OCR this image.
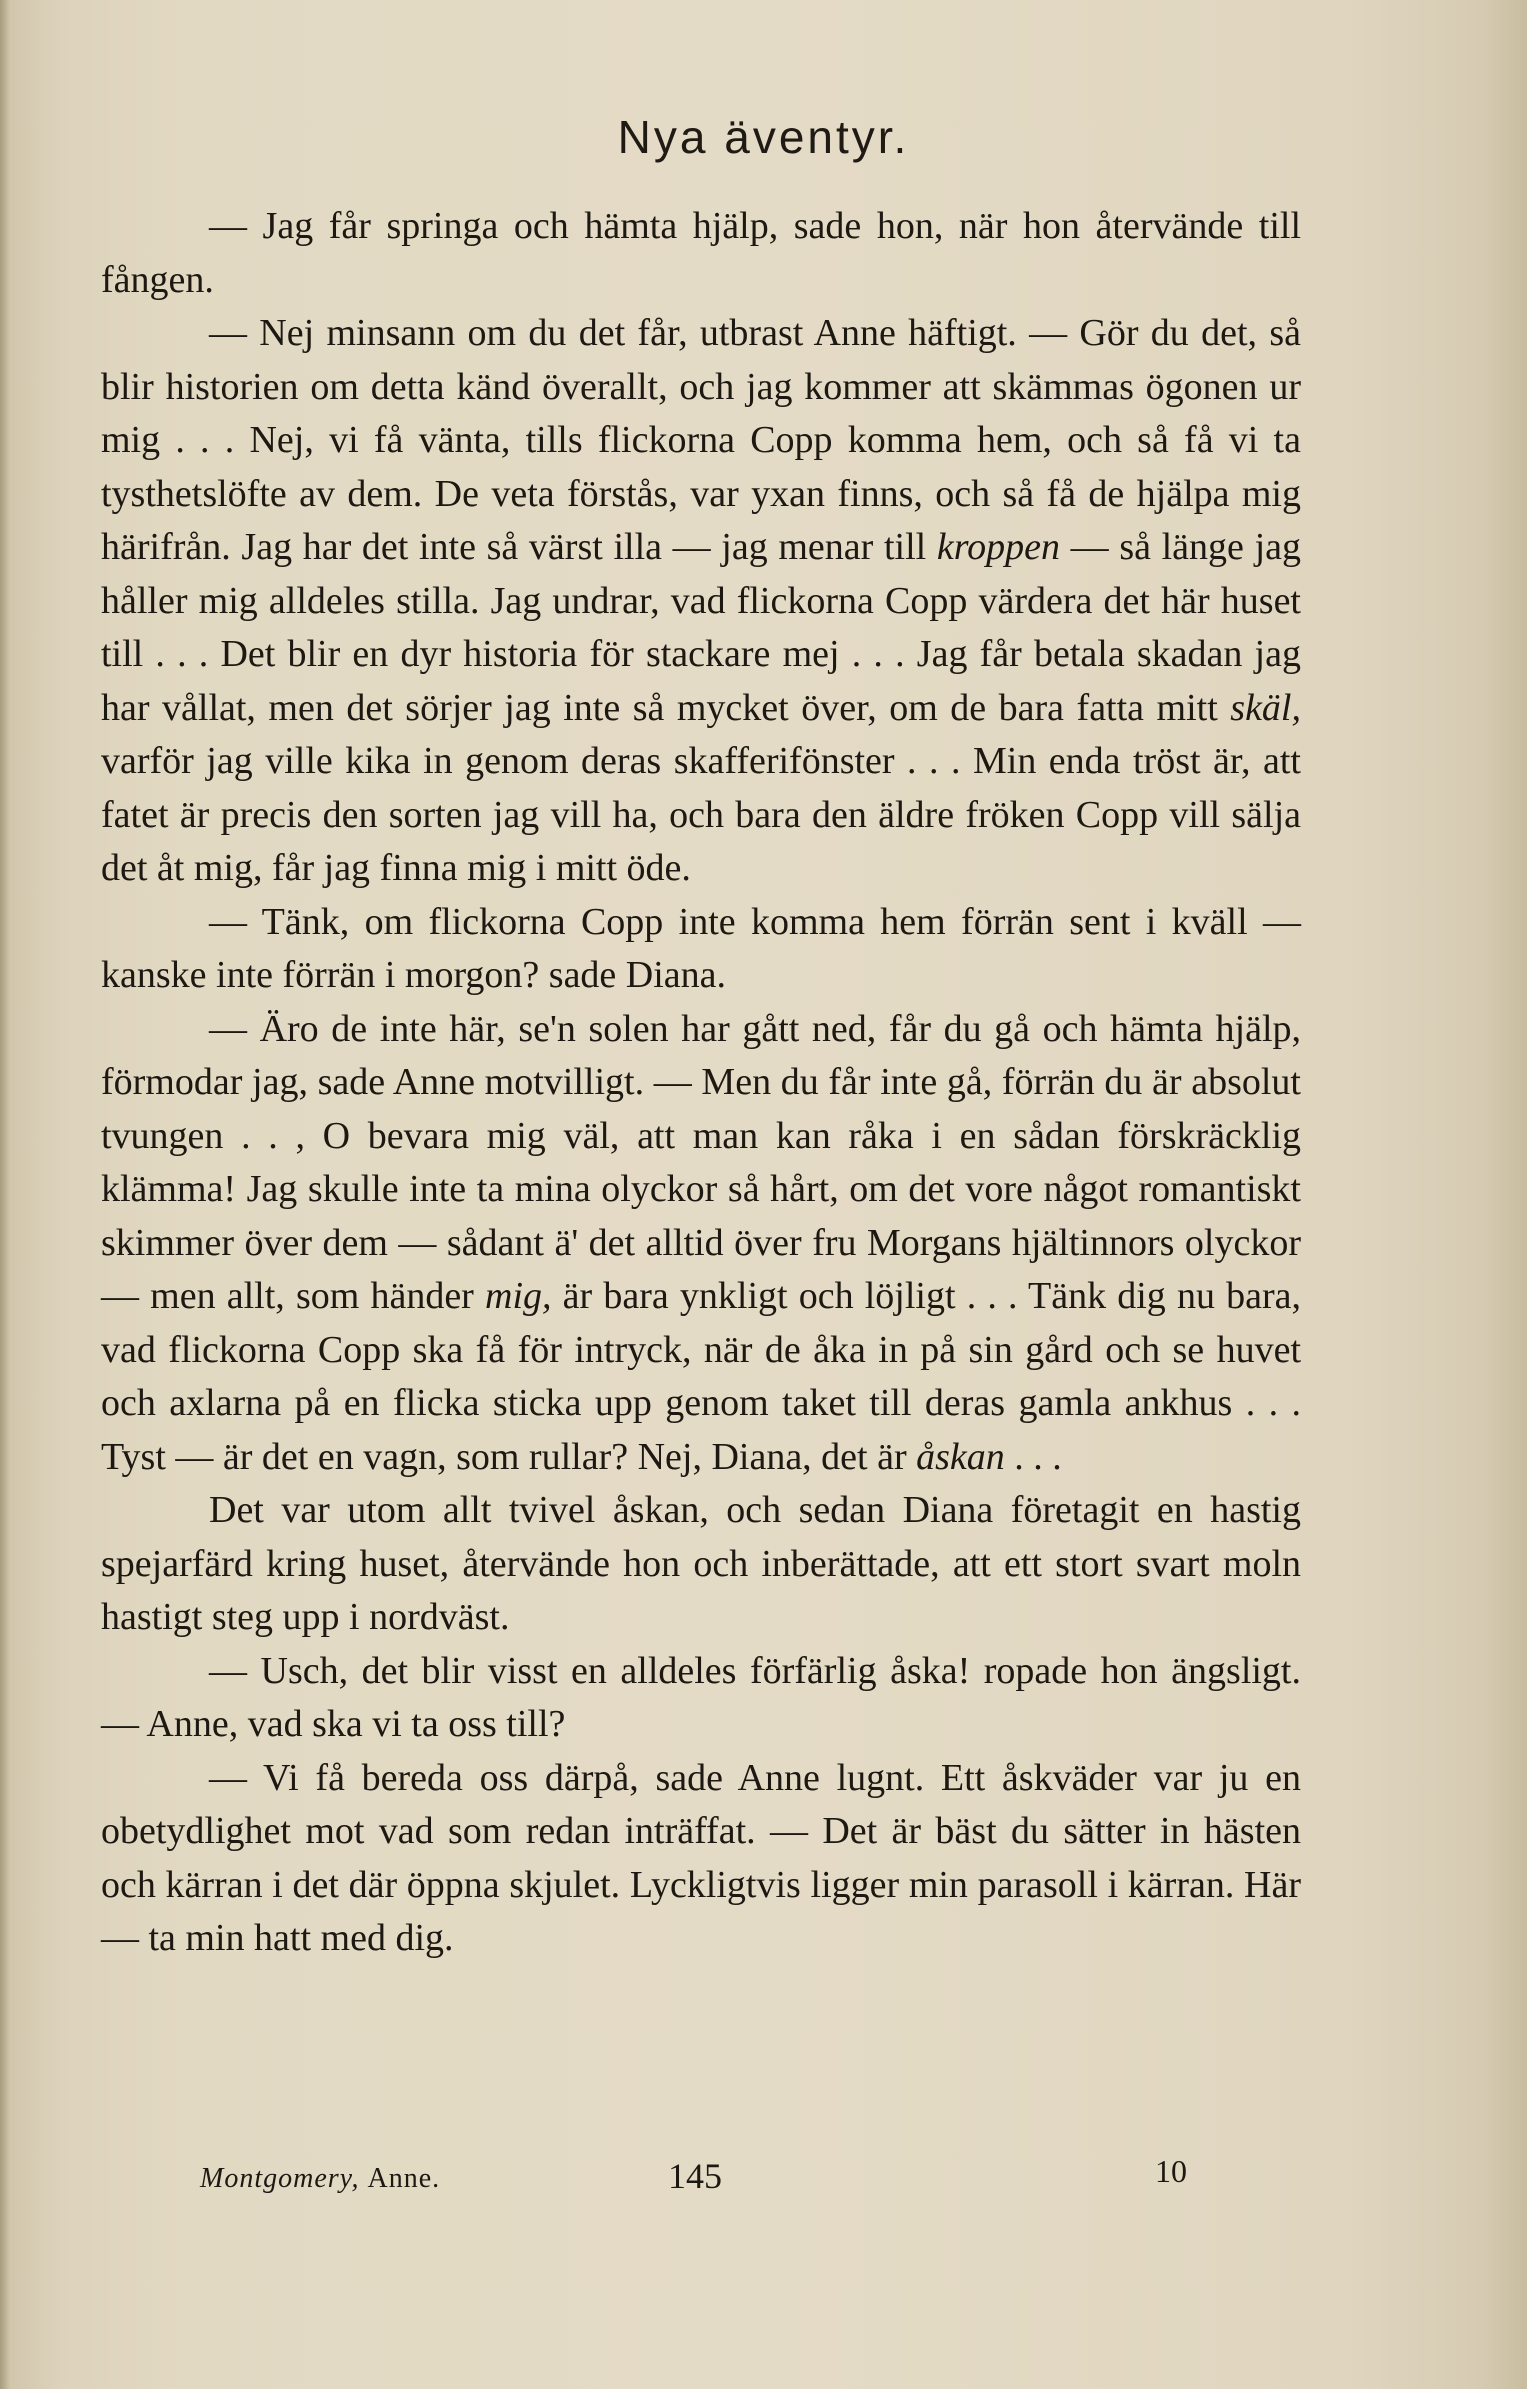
Nya äventyr.

— Jag får springa och hämta hjälp, sade hon, när hon återvände till fången.

— Nej minsann om du det får, utbrast Anne häftigt. — Gör du det, så blir historien om detta känd överallt, och jag kommer att skämmas ögonen ur mig . . . Nej, vi få vänta, tills flickorna Copp komma hem, och så få vi ta tysthetslöfte av dem. De veta förstås, var yxan finns, och så få de hjälpa mig härifrån. Jag har det inte så värst illa — jag menar till kroppen — så länge jag håller mig alldeles stilla. Jag undrar, vad flickorna Copp värdera det här huset till . . . Det blir en dyr historia för stackare mej . . . Jag får betala skadan jag har vållat, men det sörjer jag inte så mycket över, om de bara fatta mitt skäl, varför jag ville kika in genom deras skafferifönster . . . Min enda tröst är, att fatet är precis den sorten jag vill ha, och bara den äldre fröken Copp vill sälja det åt mig, får jag finna mig i mitt öde.

— Tänk, om flickorna Copp inte komma hem förrän sent i kväll — kanske inte förrän i morgon? sade Diana.

— Äro de inte här, se'n solen har gått ned, får du gå och hämta hjälp, förmodar jag, sade Anne motvilligt. — Men du får inte gå, förrän du är absolut tvungen . . , O bevara mig väl, att man kan råka i en sådan förskräcklig klämma! Jag skulle inte ta mina olyckor så hårt, om det vore något romantiskt skimmer över dem — sådant ä' det alltid över fru Morgans hjältinnors olyckor — men allt, som händer mig, är bara ynkligt och löjligt . . . Tänk dig nu bara, vad flickorna Copp ska få för intryck, när de åka in på sin gård och se huvet och axlarna på en flicka sticka upp genom taket till deras gamla ankhus . . . Tyst — är det en vagn, som rullar? Nej, Diana, det är åskan . . .

Det var utom allt tvivel åskan, och sedan Diana företagit en hastig spejarfärd kring huset, återvände hon och inberättade, att ett stort svart moln hastigt steg upp i nordväst.

— Usch, det blir visst en alldeles förfärlig åska! ropade hon ängsligt. — Anne, vad ska vi ta oss till?

— Vi få bereda oss därpå, sade Anne lugnt. Ett åskväder var ju en obetydlighet mot vad som redan inträffat. — Det är bäst du sätter in hästen och kärran i det där öppna skjulet. Lyckligtvis ligger min parasoll i kärran. Här — ta min hatt med dig.

Montgomery, Anne.	145	10
